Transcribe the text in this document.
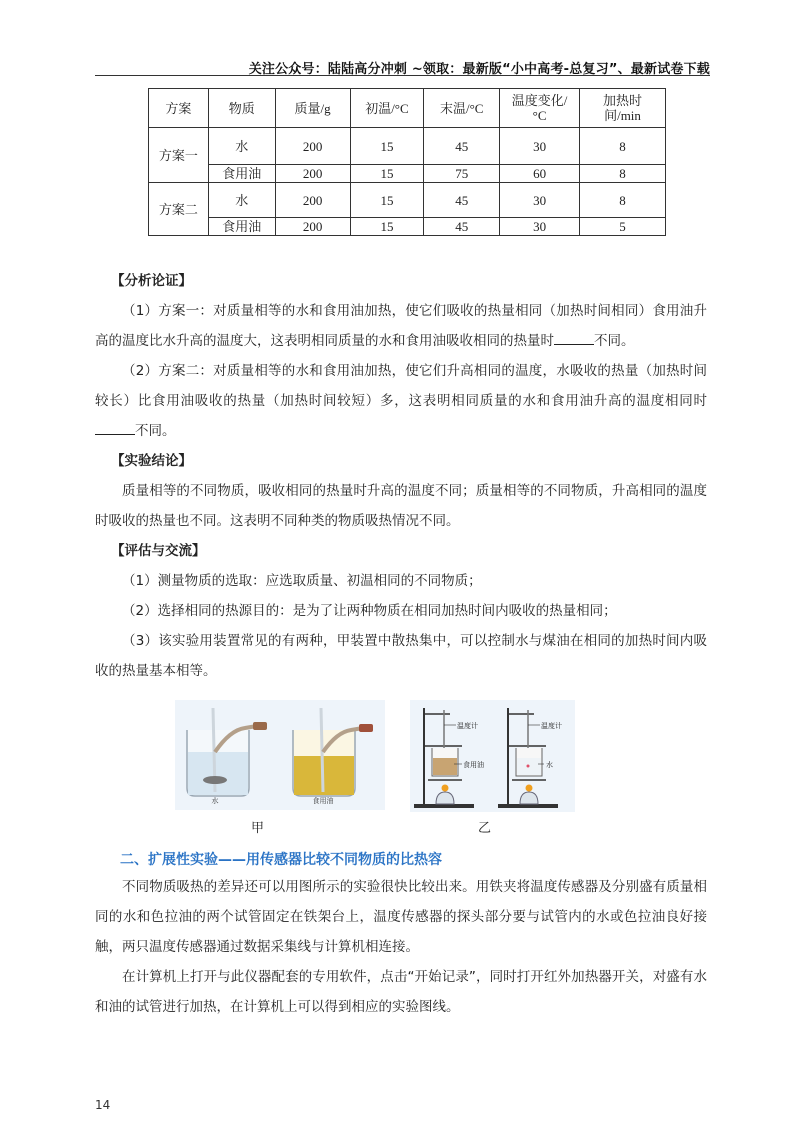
关注公众号：陆陆高分冲刺 ~领取：最新版“小中高考-总复习”、最新试卷下载
方案	物质	质量/g	初温/°C	末温/°C	温度变化/°C	加热时间/min
方案一	水	200	15	45	30	8
	食用油	200	15	75	60	8
方案二	水	200	15	45	30	8
	食用油	200	15	45	30	5

【分析论证】

（1）方案一：对质量相等的水和食用油加热，使它们吸收的热量相同（加热时间相同）食用油升高的温度比水升高的温度大，这表明相同质量的水和食用油吸收相同的热量时	不同。

（2）方案二：对质量相等的水和食用油加热，使它们升高相同的温度，水吸收的热量（加热时间较长）比食用油吸收的热量（加热时间较短）多，这表明相同质量的水和食用油升高的温度相同时不同。

【实验结论】

质量相等的不同物质，吸收相同的热量时升高的温度不同；质量相等的不同物质，升高相同的温度时吸收的热量也不同。这表明不同种类的物质吸热情况不同。

【评估与交流】

（1）测量物质的选取：应选取质量、初温相同的不同物质；

（2）选择相同的热源目的：是为了让两种物质在相同加热时间内吸收的热量相同；

（3）该实验用装置常见的有两种，甲装置中散热集中，可以控制水与煤油在相同的加热时间内吸收的热量基本相等。

水	食用油
甲
温度计
食用油
温度计
水
乙
二、扩展性实验——用传感器比较不同物质的比热容

不同物质吸热的差异还可以用图所示的实验很快比较出来。用铁夹将温度传感器及分别盛有质量相同的水和色拉油的两个试管固定在铁架台上，温度传感器的探头部分要与试管内的水或色拉油良好接触，两只温度传感器通过数据采集线与计算机相连接。

在计算机上打开与此仪器配套的专用软件，点击“开始记录”，同时打开红外加热器开关，对盛有水和油的试管进行加热，在计算机上可以得到相应的实验图线。

14
